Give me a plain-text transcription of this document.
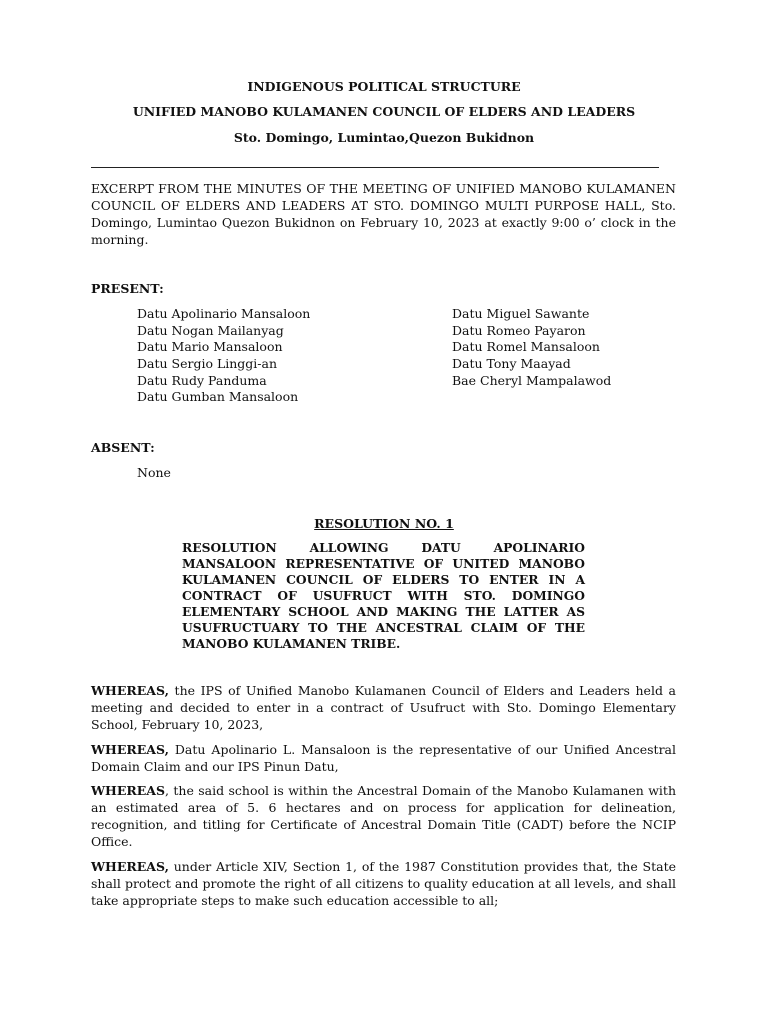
INDIGENOUS POLITICAL STRUCTURE
UNIFIED MANOBO KULAMANEN COUNCIL OF ELDERS AND LEADERS
Sto. Domingo, Lumintao,Quezon Bukidnon
EXCERPT FROM THE MINUTES OF THE MEETING OF UNIFIED MANOBO KULAMANEN COUNCIL OF ELDERS AND LEADERS AT STO. DOMINGO MULTI PURPOSE HALL, Sto. Domingo, Lumintao Quezon Bukidnon on February 10, 2023 at exactly 9:00 o’ clock in the morning.
PRESENT:
Datu Apolinario Mansaloon
Datu Nogan Mailanyag
Datu Mario Mansaloon
Datu Sergio Linggi-an
Datu Rudy Panduma
Datu Gumban Mansaloon
Datu Miguel Sawante
Datu Romeo Payaron
Datu Romel Mansaloon
Datu Tony Maayad
Bae Cheryl Mampalawod
ABSENT:
None
RESOLUTION NO. 1
RESOLUTION ALLOWING DATU APOLINARIO MANSALOON REPRESENTATIVE OF UNITED MANOBO KULAMANEN COUNCIL OF ELDERS TO ENTER IN A CONTRACT OF USUFRUCT WITH STO. DOMINGO ELEMENTARY SCHOOL AND MAKING THE LATTER AS USUFRUCTUARY TO THE ANCESTRAL CLAIM OF THE MANOBO KULAMANEN TRIBE.
WHEREAS, the IPS of Unified Manobo Kulamanen Council of Elders and Leaders held a meeting and decided to enter in a contract of Usufruct with Sto. Domingo Elementary School, February 10, 2023,
WHEREAS, Datu Apolinario L. Mansaloon is the representative of our Unified Ancestral Domain Claim and our IPS Pinun Datu,
WHEREAS, the said school is within the Ancestral Domain of the Manobo Kulamanen with an estimated area of 5. 6 hectares and on process for application for delineation, recognition, and titling for Certificate of Ancestral Domain Title (CADT) before the NCIP Office.
WHEREAS, under Article XIV, Section 1, of the 1987 Constitution provides that, the State shall protect and promote the right of all citizens to quality education at all levels, and shall take appropriate steps to make such education accessible to all;
